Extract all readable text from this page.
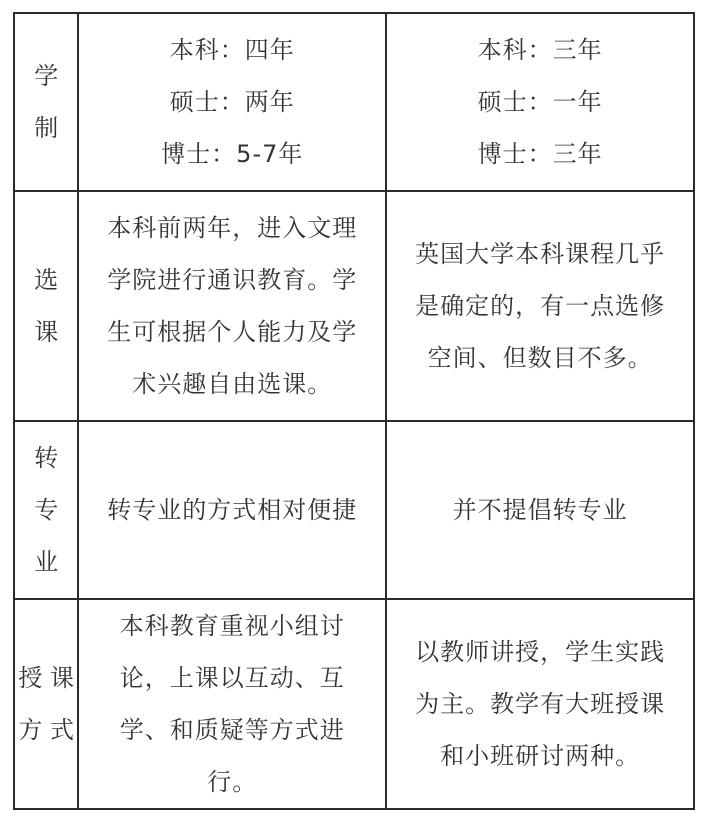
学
制	本科：四年
硕士：两年
博士：5-7年	本科：三年
硕士：一年
博士：三年

选
课	本科前两年，进入文理
学院进行通识教育。学
生可根据个人能力及学
术兴趣自由选课。	英国大学本科课程几乎
是确定的，有一点选修
空间、但数目不多。

转
专
业	转专业的方式相对便捷	并不提倡转专业

授 课
方 式	本科教育重视小组讨
论，上课以互动、互
学、和质疑等方式进
行。	以教师讲授，学生实践
为主。教学有大班授课
和小班研讨两种。
